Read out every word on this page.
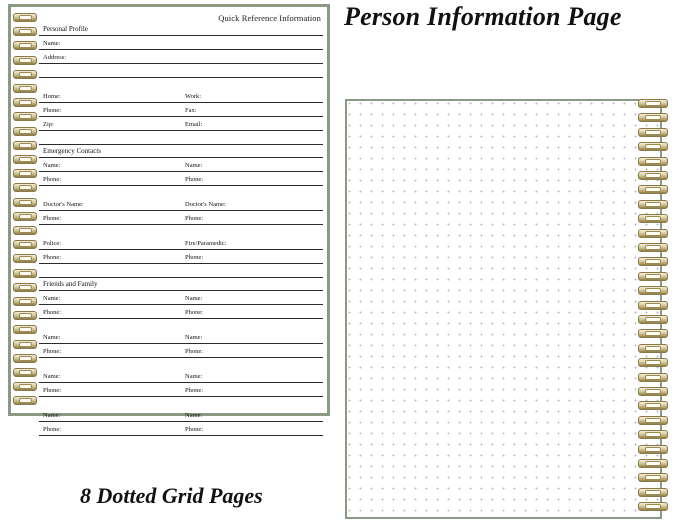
Quick Reference Information
Personal Profile
Name:	
Address:	

Home:	Work:
Phone:	Fax:
Zip:	Email:

Emergency Contacts
Name:	Name:
Phone:	Phone:

Doctor's Name:	Doctor's Name:
Phone:	Phone:

Police:	Fire/Paramedic:
Phone:	Phone:

Friends and Family
Name:	Name:
Phone:	Phone:

Name:	Name:
Phone:	Phone:

Name:	Name:
Phone:	Phone:

Name:	Name:
Phone:	Phone:
Person Information Page
8 Dotted Grid Pages
